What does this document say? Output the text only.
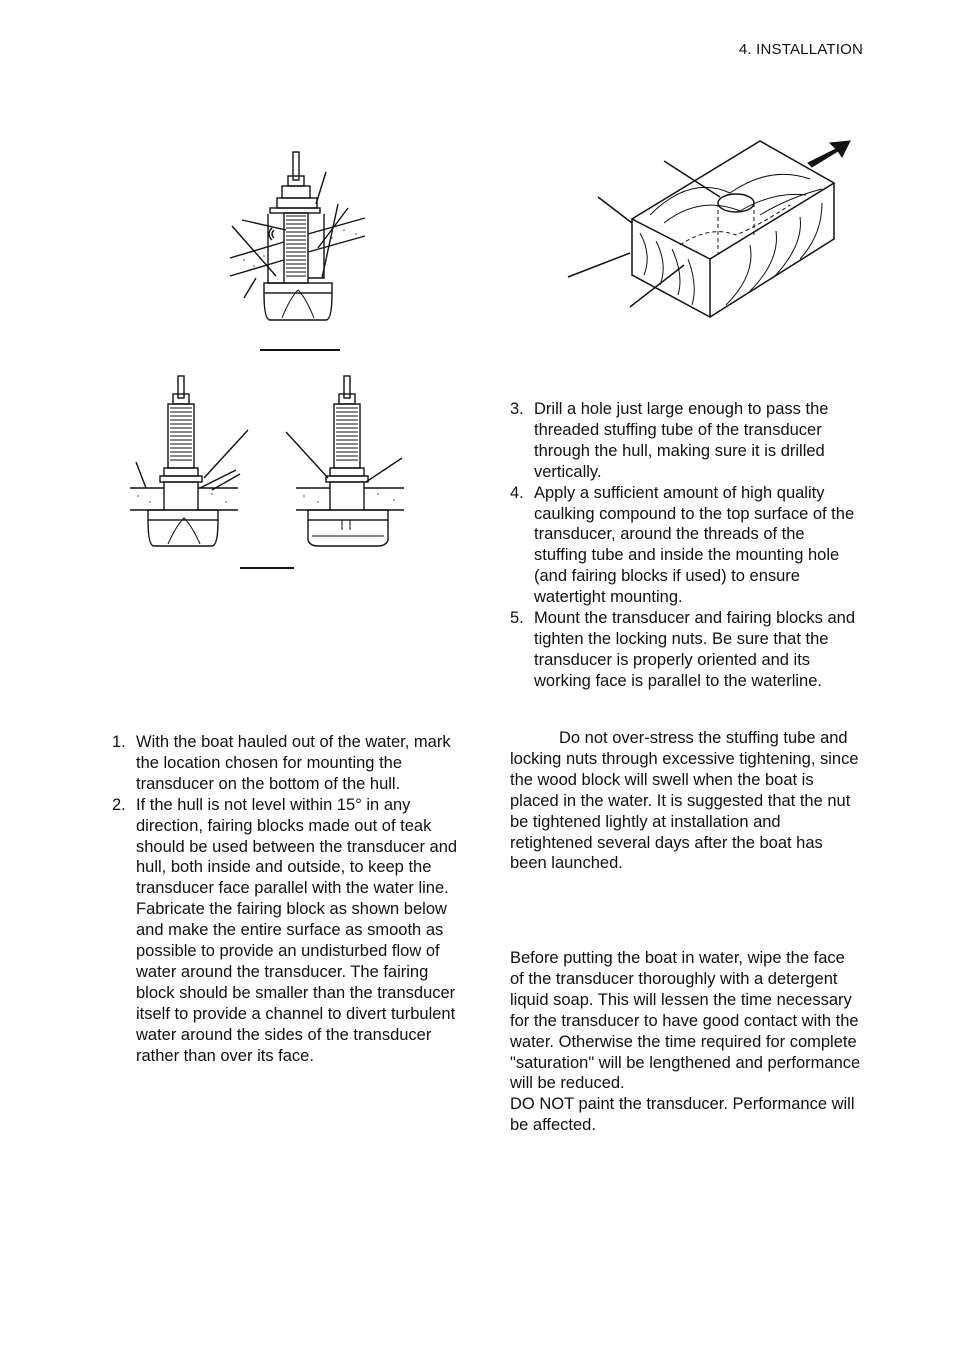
4. INSTALLATION
1. With the boat hauled out of the water, mark the location chosen for mounting the transducer on the bottom of the hull.
2. If the hull is not level within 15° in any direction, fairing blocks made out of teak should be used between the transducer and hull, both inside and outside, to keep the transducer face parallel with the water line. Fabricate the fairing block as shown below and make the entire surface as smooth as possible to provide an undisturbed flow of water around the transducer. The fairing block should be smaller than the transducer itself to provide a channel to divert turbulent water around the sides of the transducer rather than over its face.
3. Drill a hole just large enough to pass the threaded stuffing tube of the transducer through the hull, making sure it is drilled vertically.
4. Apply a sufficient amount of high quality caulking compound to the top surface of the transducer, around the threads of the stuffing tube and inside the mounting hole (and fairing blocks if used) to ensure watertight mounting.
5. Mount the transducer and fairing blocks and tighten the locking nuts. Be sure that the transducer is properly oriented and its working face is parallel to the waterline.

Do not over-stress the stuffing tube and locking nuts through excessive tightening, since the wood block will swell when the boat is placed in the water. It is suggested that the nut be tightened lightly at installation and retightened several days after the boat has been launched.

Before putting the boat in water, wipe the face of the transducer thoroughly with a detergent liquid soap. This will lessen the time necessary for the transducer to have good contact with the water. Otherwise the time required for complete "saturation" will be lengthened and performance will be reduced.

DO NOT paint the transducer. Performance will be affected.
